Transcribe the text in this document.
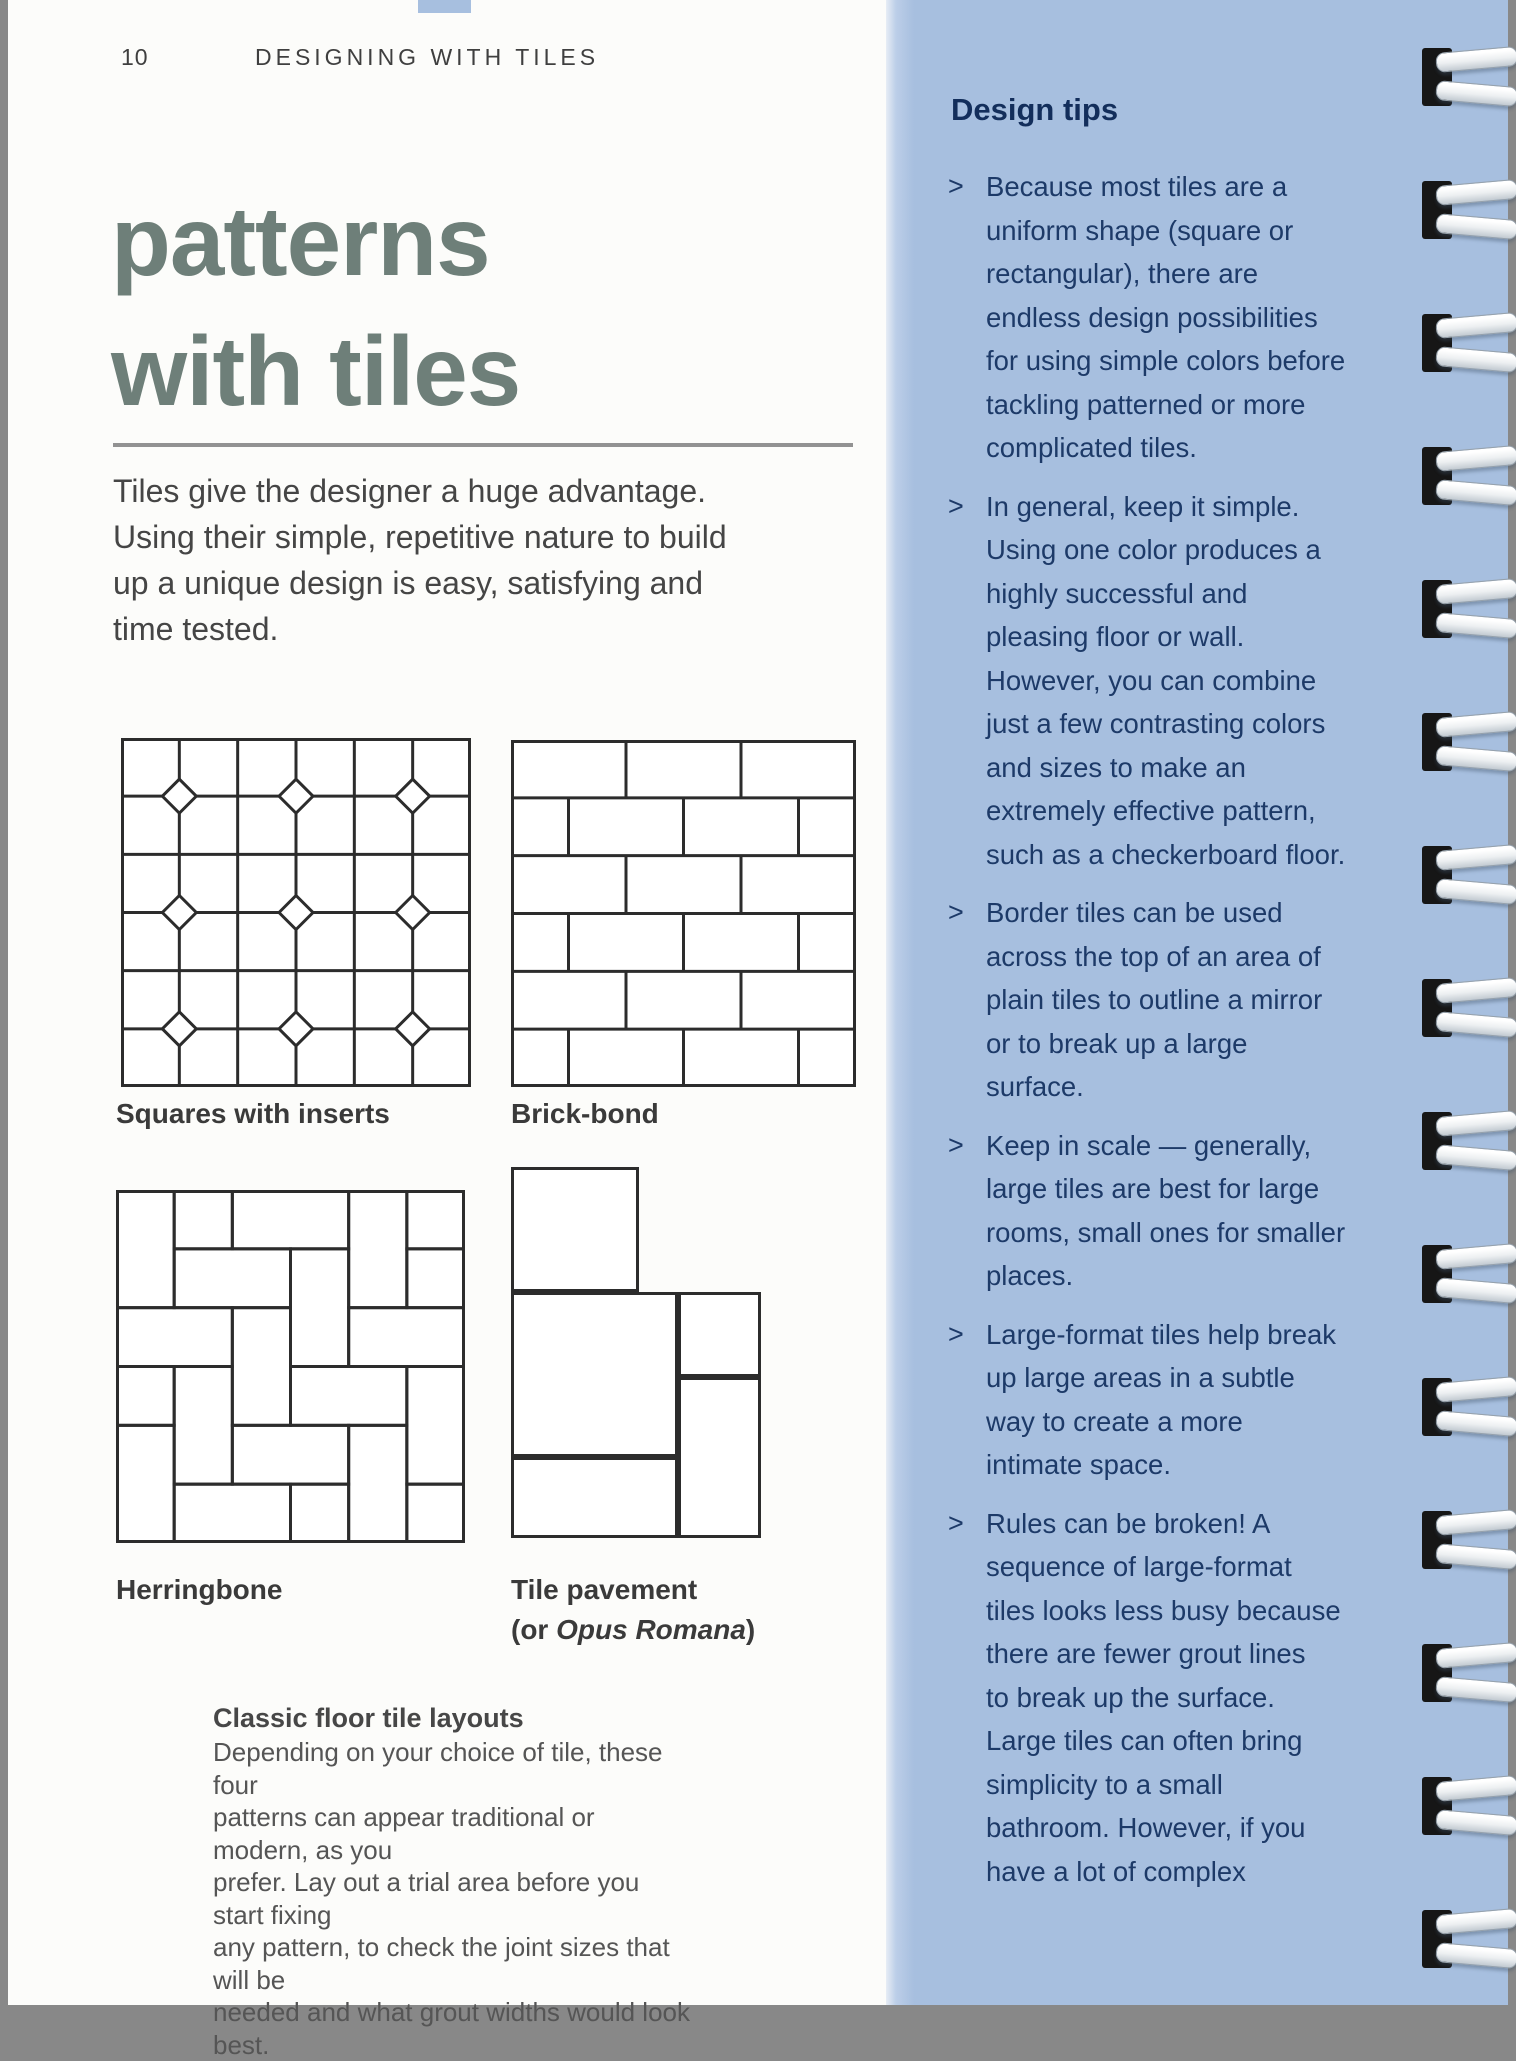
10	DESIGNING WITH TILES
patterns
with tiles
Tiles give the designer a huge advantage.
Using their simple, repetitive nature to build
up a unique design is easy, satisfying and
time tested.
Squares with inserts	Brick-bond
Herringbone	Tile pavement
(or Opus Romana)
Classic floor tile layouts
Depending on your choice of tile, these four
patterns can appear traditional or modern, as you
prefer. Lay out a trial area before you start fixing
any pattern, to check the joint sizes that will be
needed and what grout widths would look best.
Design tips
> Because most tiles are a
uniform shape (square or
rectangular), there are
endless design possibilities
for using simple colors before
tackling patterned or more
complicated tiles.
> In general, keep it simple.
Using one color produces a
highly successful and
pleasing floor or wall.
However, you can combine
just a few contrasting colors
and sizes to make an
extremely effective pattern,
such as a checkerboard floor.
> Border tiles can be used
across the top of an area of
plain tiles to outline a mirror
or to break up a large
surface.
> Keep in scale — generally,
large tiles are best for large
rooms, small ones for smaller
places.
> Large-format tiles help break
up large areas in a subtle
way to create a more
intimate space.
> Rules can be broken! A
sequence of large-format
tiles looks less busy because
there are fewer grout lines
to break up the surface.
Large tiles can often bring
simplicity to a small
bathroom. However, if you
have a lot of complex
